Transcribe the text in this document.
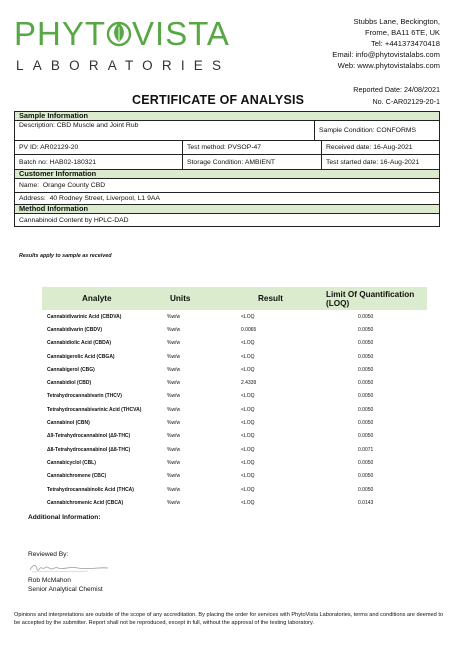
PHYT VISTA
LABORATORIES
Stubbs Lane, Beckington,
Frome, BA11 6TE, UK
Tel: +441373470418
Email: info@phytovistalabs.com
Web: www.phytovistalabs.com
Reported Date: 24/08/2021
No. C-AR02129-20-1
CERTIFICATE OF ANALYSIS
Sample Information
Description: CBD Muscle and Joint Rub
Sample Condition: CONFORMS
PV ID: AR02129-20	Test method: PVSOP-47	Received date: 16-Aug-2021
Batch no: HAB02-180321	Storage Condition: AMBIENT	Test started date: 16-Aug-2021
Customer Information
Name:
Orange County CBD
Address:
40 Rodney Street, Liverpool, L1 9AA
Method Information
Cannabinoid Content by HPLC-DAD
Results apply to sample as received
Analyte	Units	Result	Limit Of Quantification (LOQ)
Cannabidivarinic Acid (CBDVA)	%w/w	<LOQ	0.0050
Cannabidivarin (CBDV)	%w/w	0.0065	0.0050
Cannabidiolic Acid (CBDA)	%w/w	<LOQ	0.0050
Cannabigerolic Acid (CBGA)	%w/w	<LOQ	0.0050
Cannabigerol (CBG)	%w/w	<LOQ	0.0050
Cannabidiol (CBD)	%w/w	2.4339	0.0050
Tetrahydrocannabivarin (THCV)	%w/w	<LOQ	0.0050
Tetrahydrocannabivarinic Acid (THCVA)	%w/w	<LOQ	0.0050
Cannabinol (CBN)	%w/w	<LOQ	0.0050
Δ9-Tetrahydrocannabinol (Δ9-THC)	%w/w	<LOQ	0.0050
Δ8-Tetrahydrocannabinol (Δ8-THC)	%w/w	<LOQ	0.0071
Cannabicyclol (CBL)	%w/w	<LOQ	0.0050
Cannabichromene (CBC)	%w/w	<LOQ	0.0050
Tetrahydrocannabinolic Acid (THCA)	%w/w	<LOQ	0.0050
Cannabichromenic Acid (CBCA)	%w/w	<LOQ	0.0143
Additional Information:
Reviewed By:
Rob McMahon
Senior Analytical Chemist
Opinions and interpretations are outside of the scope of any accreditation. By placing the order for services with PhytoVista Laboratories, terms and conditions are deemed to be accepted by the submitter. Report shall not be reproduced, except in full, without the approval of the testing laboratory.
